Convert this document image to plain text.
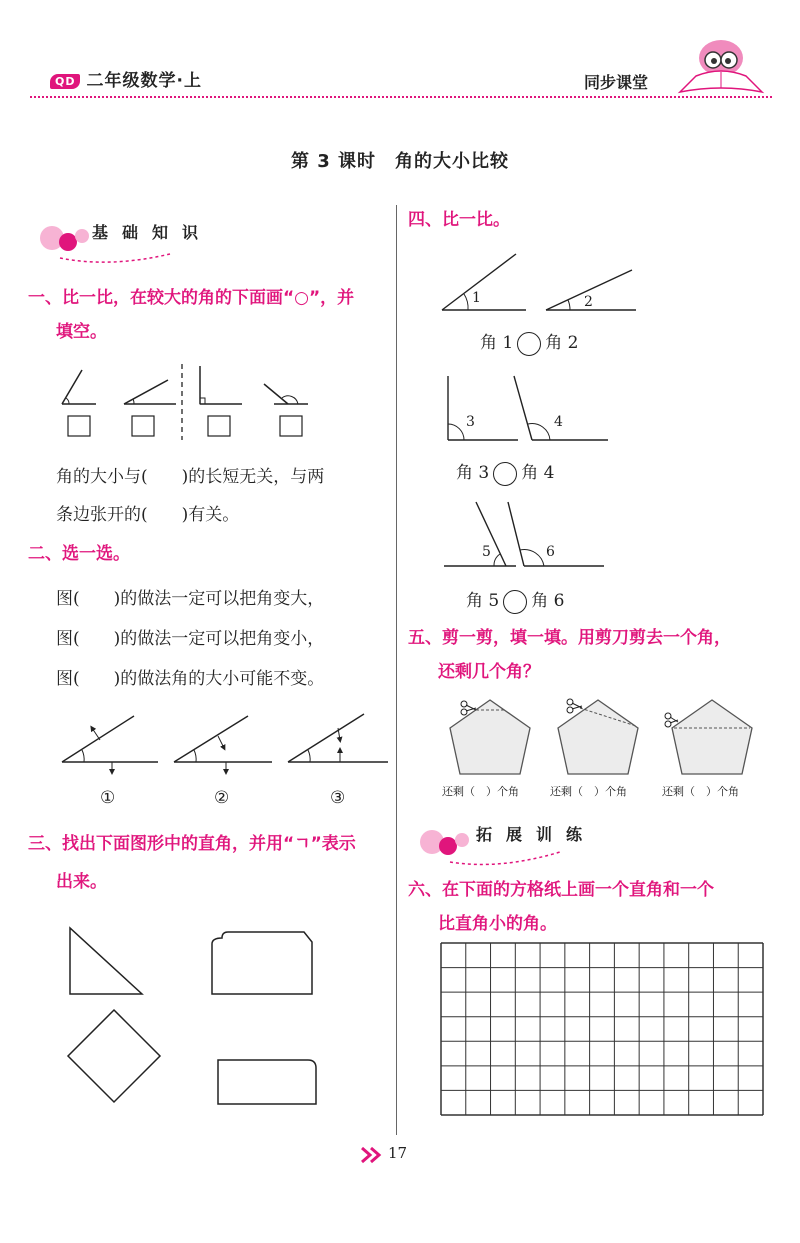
QD 二年级数学·上	同步课堂
第 3 课时　角的大小比较
基础知识
一、比一比，在较大的角的下面画“○”，并
填空。
角的大小与(　　)的长短无关，与两
条边张开的(　　)有关。
二、选一选。
图(　　)的做法一定可以把角变大，
图(　　)的做法一定可以把角变小，
图(　　)的做法角的大小可能不变。
①	②	③
三、找出下面图形中的直角，并用“ㄱ”表示
出来。
四、比一比。
1	2
角 1 角 2
3	4
角 3 角 4
5	6
角 5 角 6
五、剪一剪，填一填。用剪刀剪去一个角，
还剩几个角？
还剩（　）个角	还剩（　）个角	还剩（　）个角
拓展训练
六、在下面的方格纸上画一个直角和一个
比直角小的角。
17
